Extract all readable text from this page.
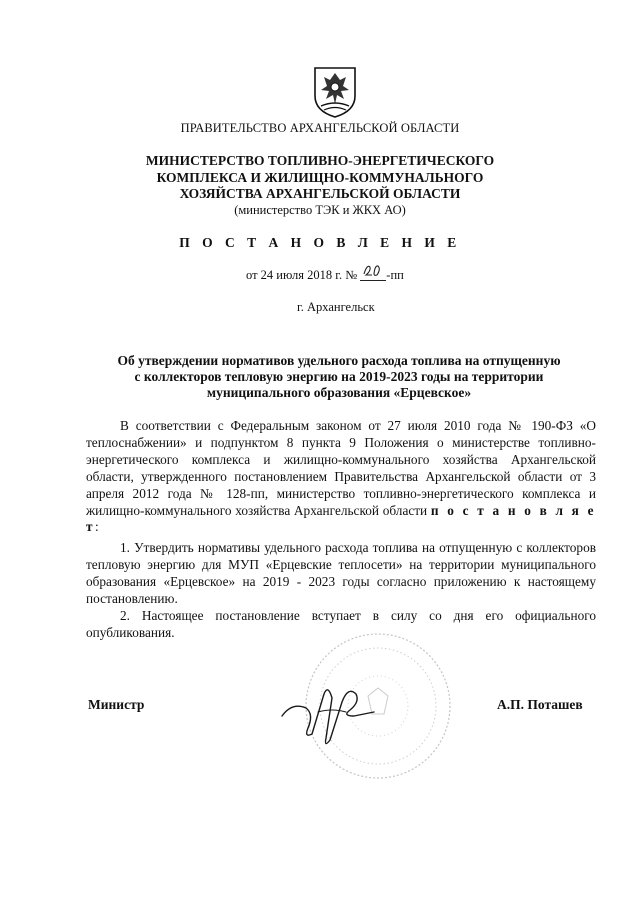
ПРАВИТЕЛЬСТВО АРХАНГЕЛЬСКОЙ ОБЛАСТИ
МИНИСТЕРСТВО ТОПЛИВНО-ЭНЕРГЕТИЧЕСКОГО
КОМПЛЕКСА И ЖИЛИЩНО-КОММУНАЛЬНОГО
ХОЗЯЙСТВА АРХАНГЕЛЬСКОЙ ОБЛАСТИ
(министерство ТЭК и ЖКХ АО)
П О С Т А Н О В Л Е Н И Е
от 24 июля 2018 г. № -пп
г. Архангельск
Об утверждении нормативов удельного расхода топлива на отпущенную
с коллекторов тепловую энергию на 2019-2023 годы на территории
муниципального образования «Ерцевское»
В соответствии с Федеральным законом от 27 июля 2010 года № 190-ФЗ «О теплоснабжении» и подпунктом 8 пункта 9 Положения о министерстве топливно-энергетического комплекса и жилищно-коммунального хозяйства Архангельской области, утвержденного постановлением Правительства Архангельской области от 3 апреля 2012 года № 128-пп, министерство топливно-энергетического комплекса и жилищно-коммунального хозяйства Архангельской области п о с т а н о в л я е т:
1. Утвердить нормативы удельного расхода топлива на отпущенную с коллекторов тепловую энергию для МУП «Ерцевские теплосети» на территории муниципального образования «Ерцевское» на 2019 - 2023 годы согласно приложению к настоящему постановлению.
2. Настоящее постановление вступает в силу со дня его официального опубликования.
Министр	А.П. Поташев
